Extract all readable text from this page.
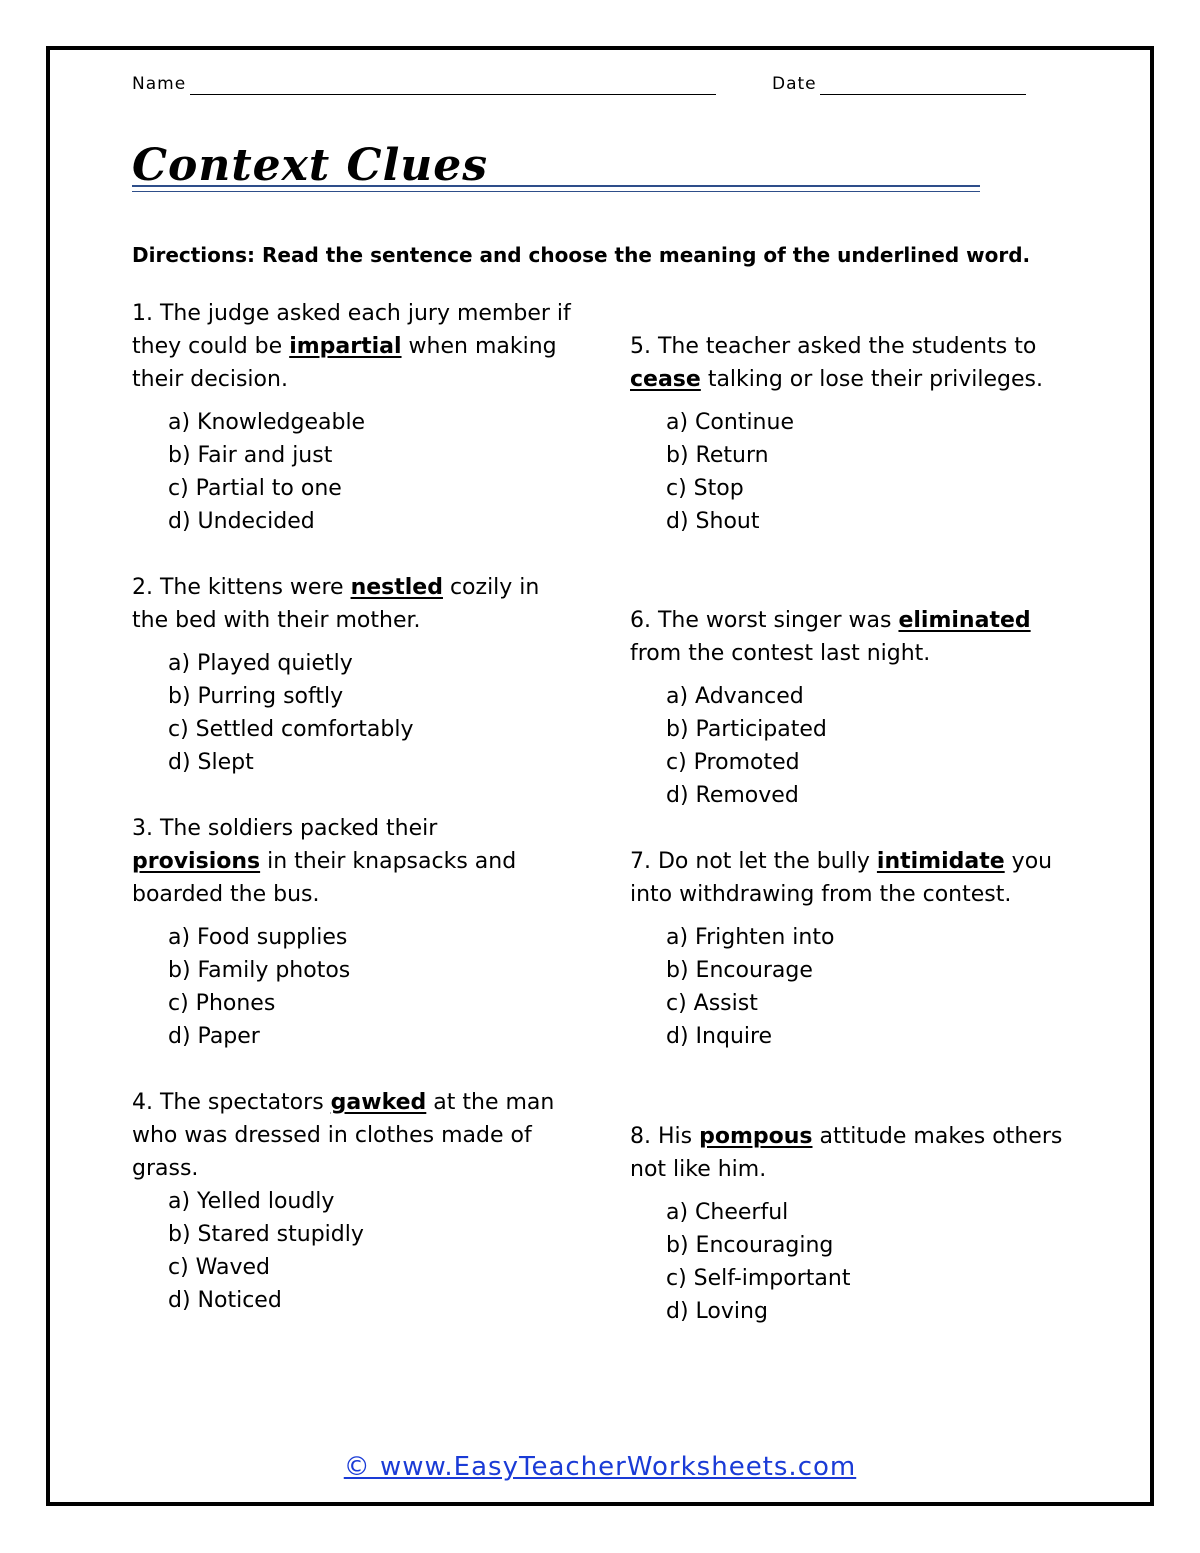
Name	Date
Context Clues
Directions: Read the sentence and choose the meaning of the underlined word.

1. The judge asked each jury member if they could be impartial when making their decision.

a) Knowledgeable
b) Fair and just
c) Partial to one
d) Undecided

2. The kittens were nestled cozily in the bed with their mother.

a) Played quietly
b) Purring softly
c) Settled comfortably
d) Slept

3. The soldiers packed their provisions in their knapsacks and boarded the bus.

a) Food supplies
b) Family photos
c) Phones
d) Paper

4. The spectators gawked at the man who was dressed in clothes made of grass.

a) Yelled loudly
b) Stared stupidly
c) Waved
d) Noticed

5. The teacher asked the students to cease talking or lose their privileges.

a) Continue
b) Return
c) Stop
d) Shout

6. The worst singer was eliminated from the contest last night.

a) Advanced
b) Participated
c) Promoted
d) Removed

7. Do not let the bully intimidate you into withdrawing from the contest.

a) Frighten into
b) Encourage
c) Assist
d) Inquire

8. His pompous attitude makes others not like him.

a) Cheerful
b) Encouraging
c) Self-important
d) Loving
© www.EasyTeacherWorksheets.com
